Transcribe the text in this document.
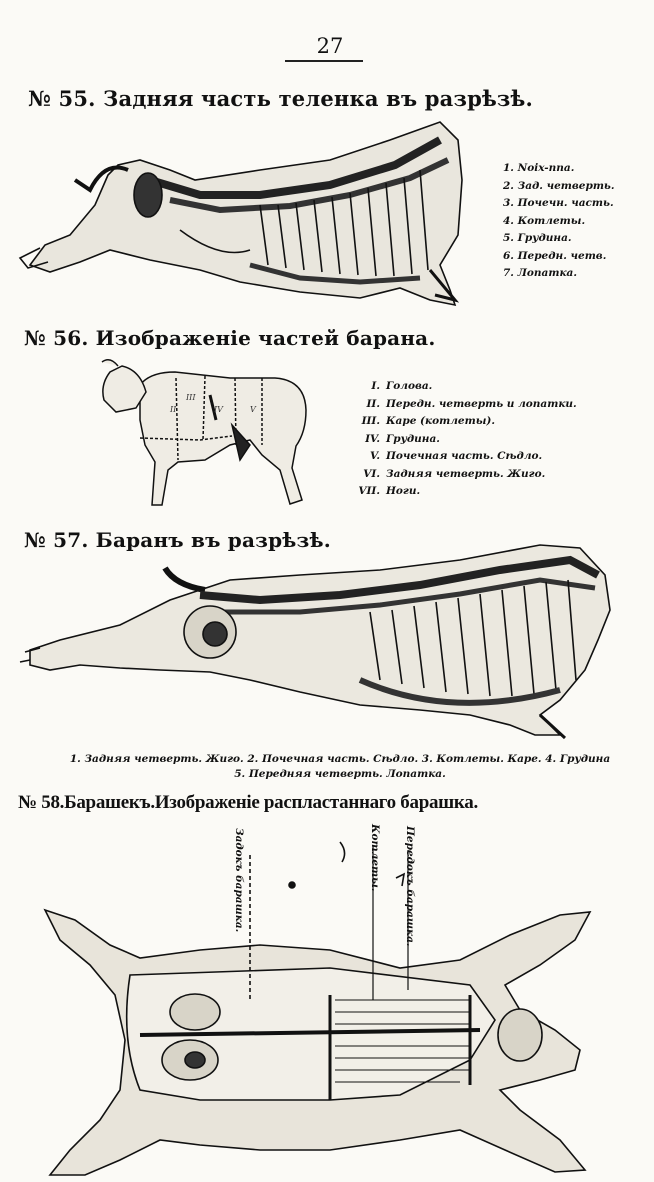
27
№ 55. Задняя часть теленка въ разрѣзѣ.
1. Noix-ппа.
2. Зад. четверть.
3. Почечн. часть.
4. Котлеты.
5. Грудина.
6. Передн. четв.
7. Лопатка.
№ 56. Изображеніе частей барана.
II
III
IV	V
I. Голова.
II. Передн. четверть и лопатки.
III. Каре (котлеты).
IV. Грудина.
V. Почечная часть. Сѣдло.
VI. Задняя четверть. Жиго.
VII. Ноги.
№ 57. Баранъ въ разрѣзѣ.
1. Задняя четверть. Жиго. 2. Почечная часть. Сѣдло. 3. Котлеты. Каре. 4. Грудина
5. Передняя четверть. Лопатка.
№ 58.Барашекъ.Изображеніе распластаннаго барашка.
Задокъ барашка.	Котлеты. Передокъ барашка.
